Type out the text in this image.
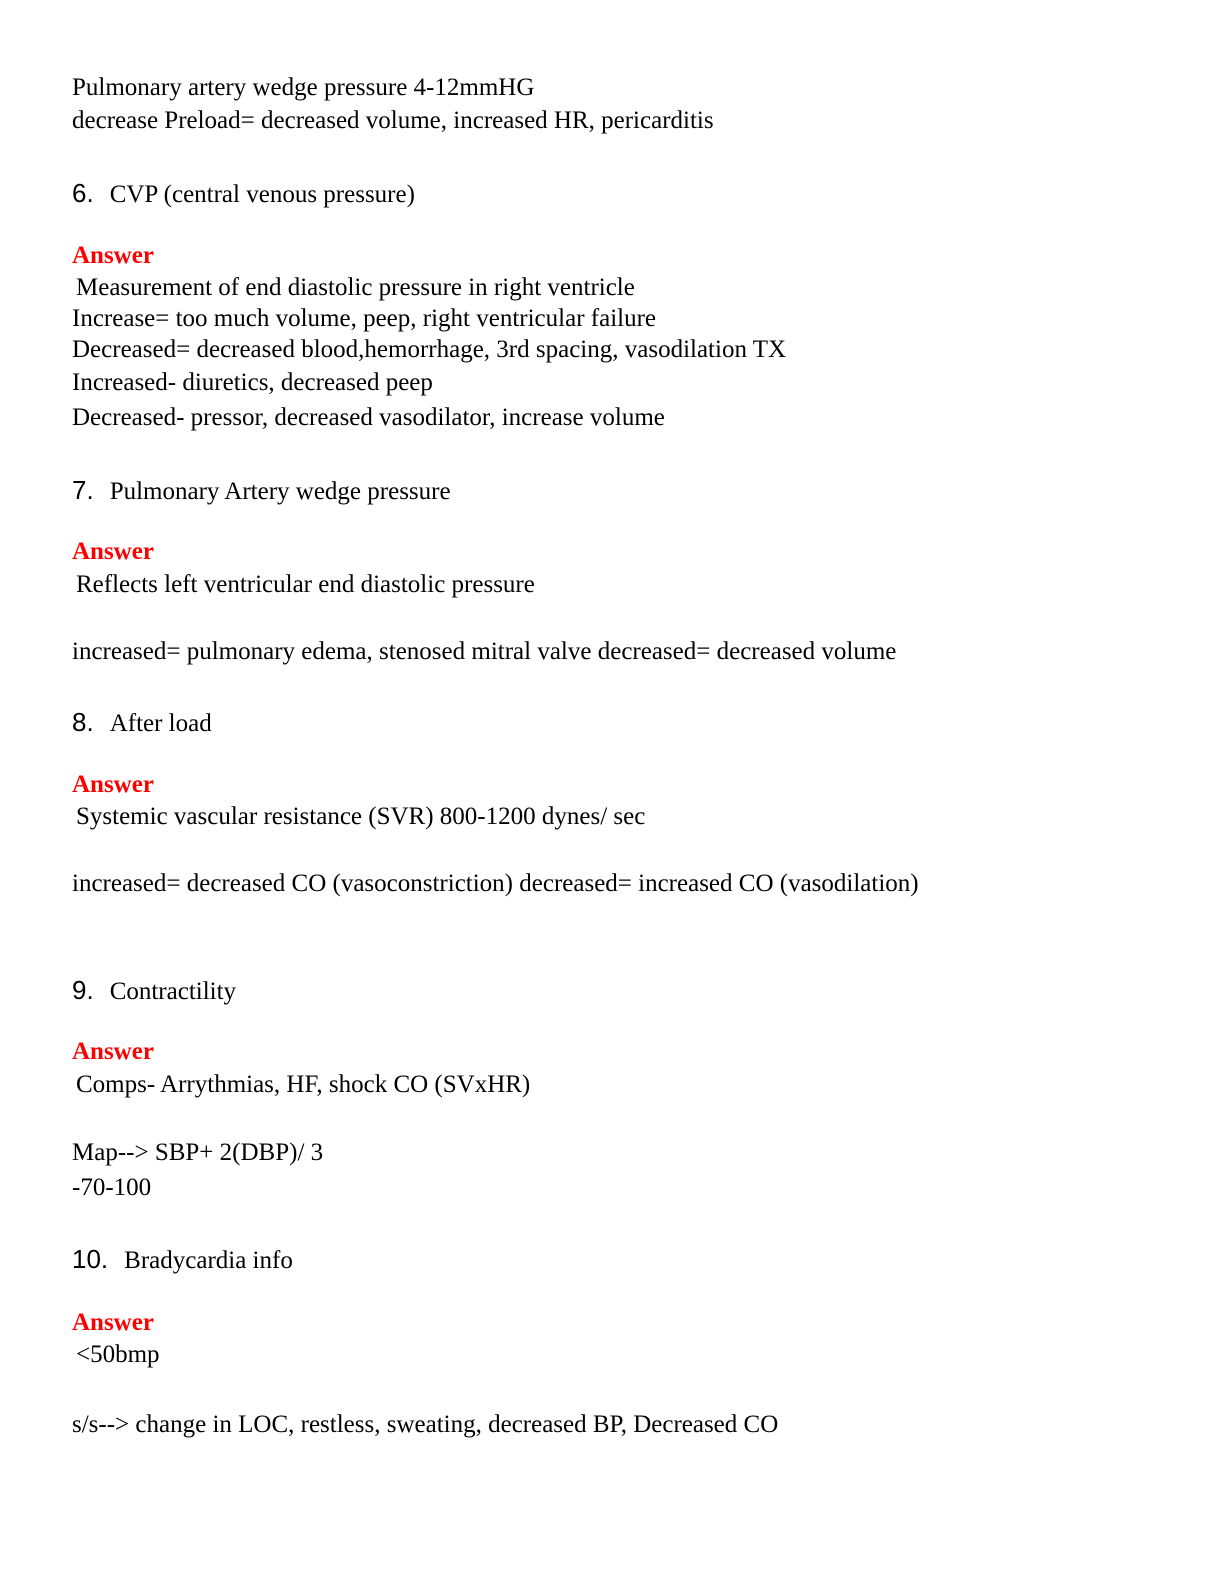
Pulmonary artery wedge pressure 4-12mmHG
decrease Preload= decreased volume, increased HR, pericarditis
6. CVP (central venous pressure)
Answer
Measurement of end diastolic pressure in right ventricle
Increase= too much volume, peep, right ventricular failure
Decreased= decreased blood,hemorrhage, 3rd spacing, vasodilation TX
Increased- diuretics, decreased peep
Decreased- pressor, decreased vasodilator, increase volume
7. Pulmonary Artery wedge pressure
Answer
Reflects left ventricular end diastolic pressure
increased= pulmonary edema, stenosed mitral valve decreased= decreased volume
8. After load
Answer
Systemic vascular resistance (SVR) 800-1200 dynes/ sec
increased= decreased CO (vasoconstriction) decreased= increased CO (vasodilation)
9. Contractility
Answer
Comps- Arrythmias, HF, shock CO (SVxHR)
Map--> SBP+ 2(DBP)/ 3
-70-100
10. Bradycardia info
Answer
<50bmp
s/s--> change in LOC, restless, sweating, decreased BP, Decreased CO
